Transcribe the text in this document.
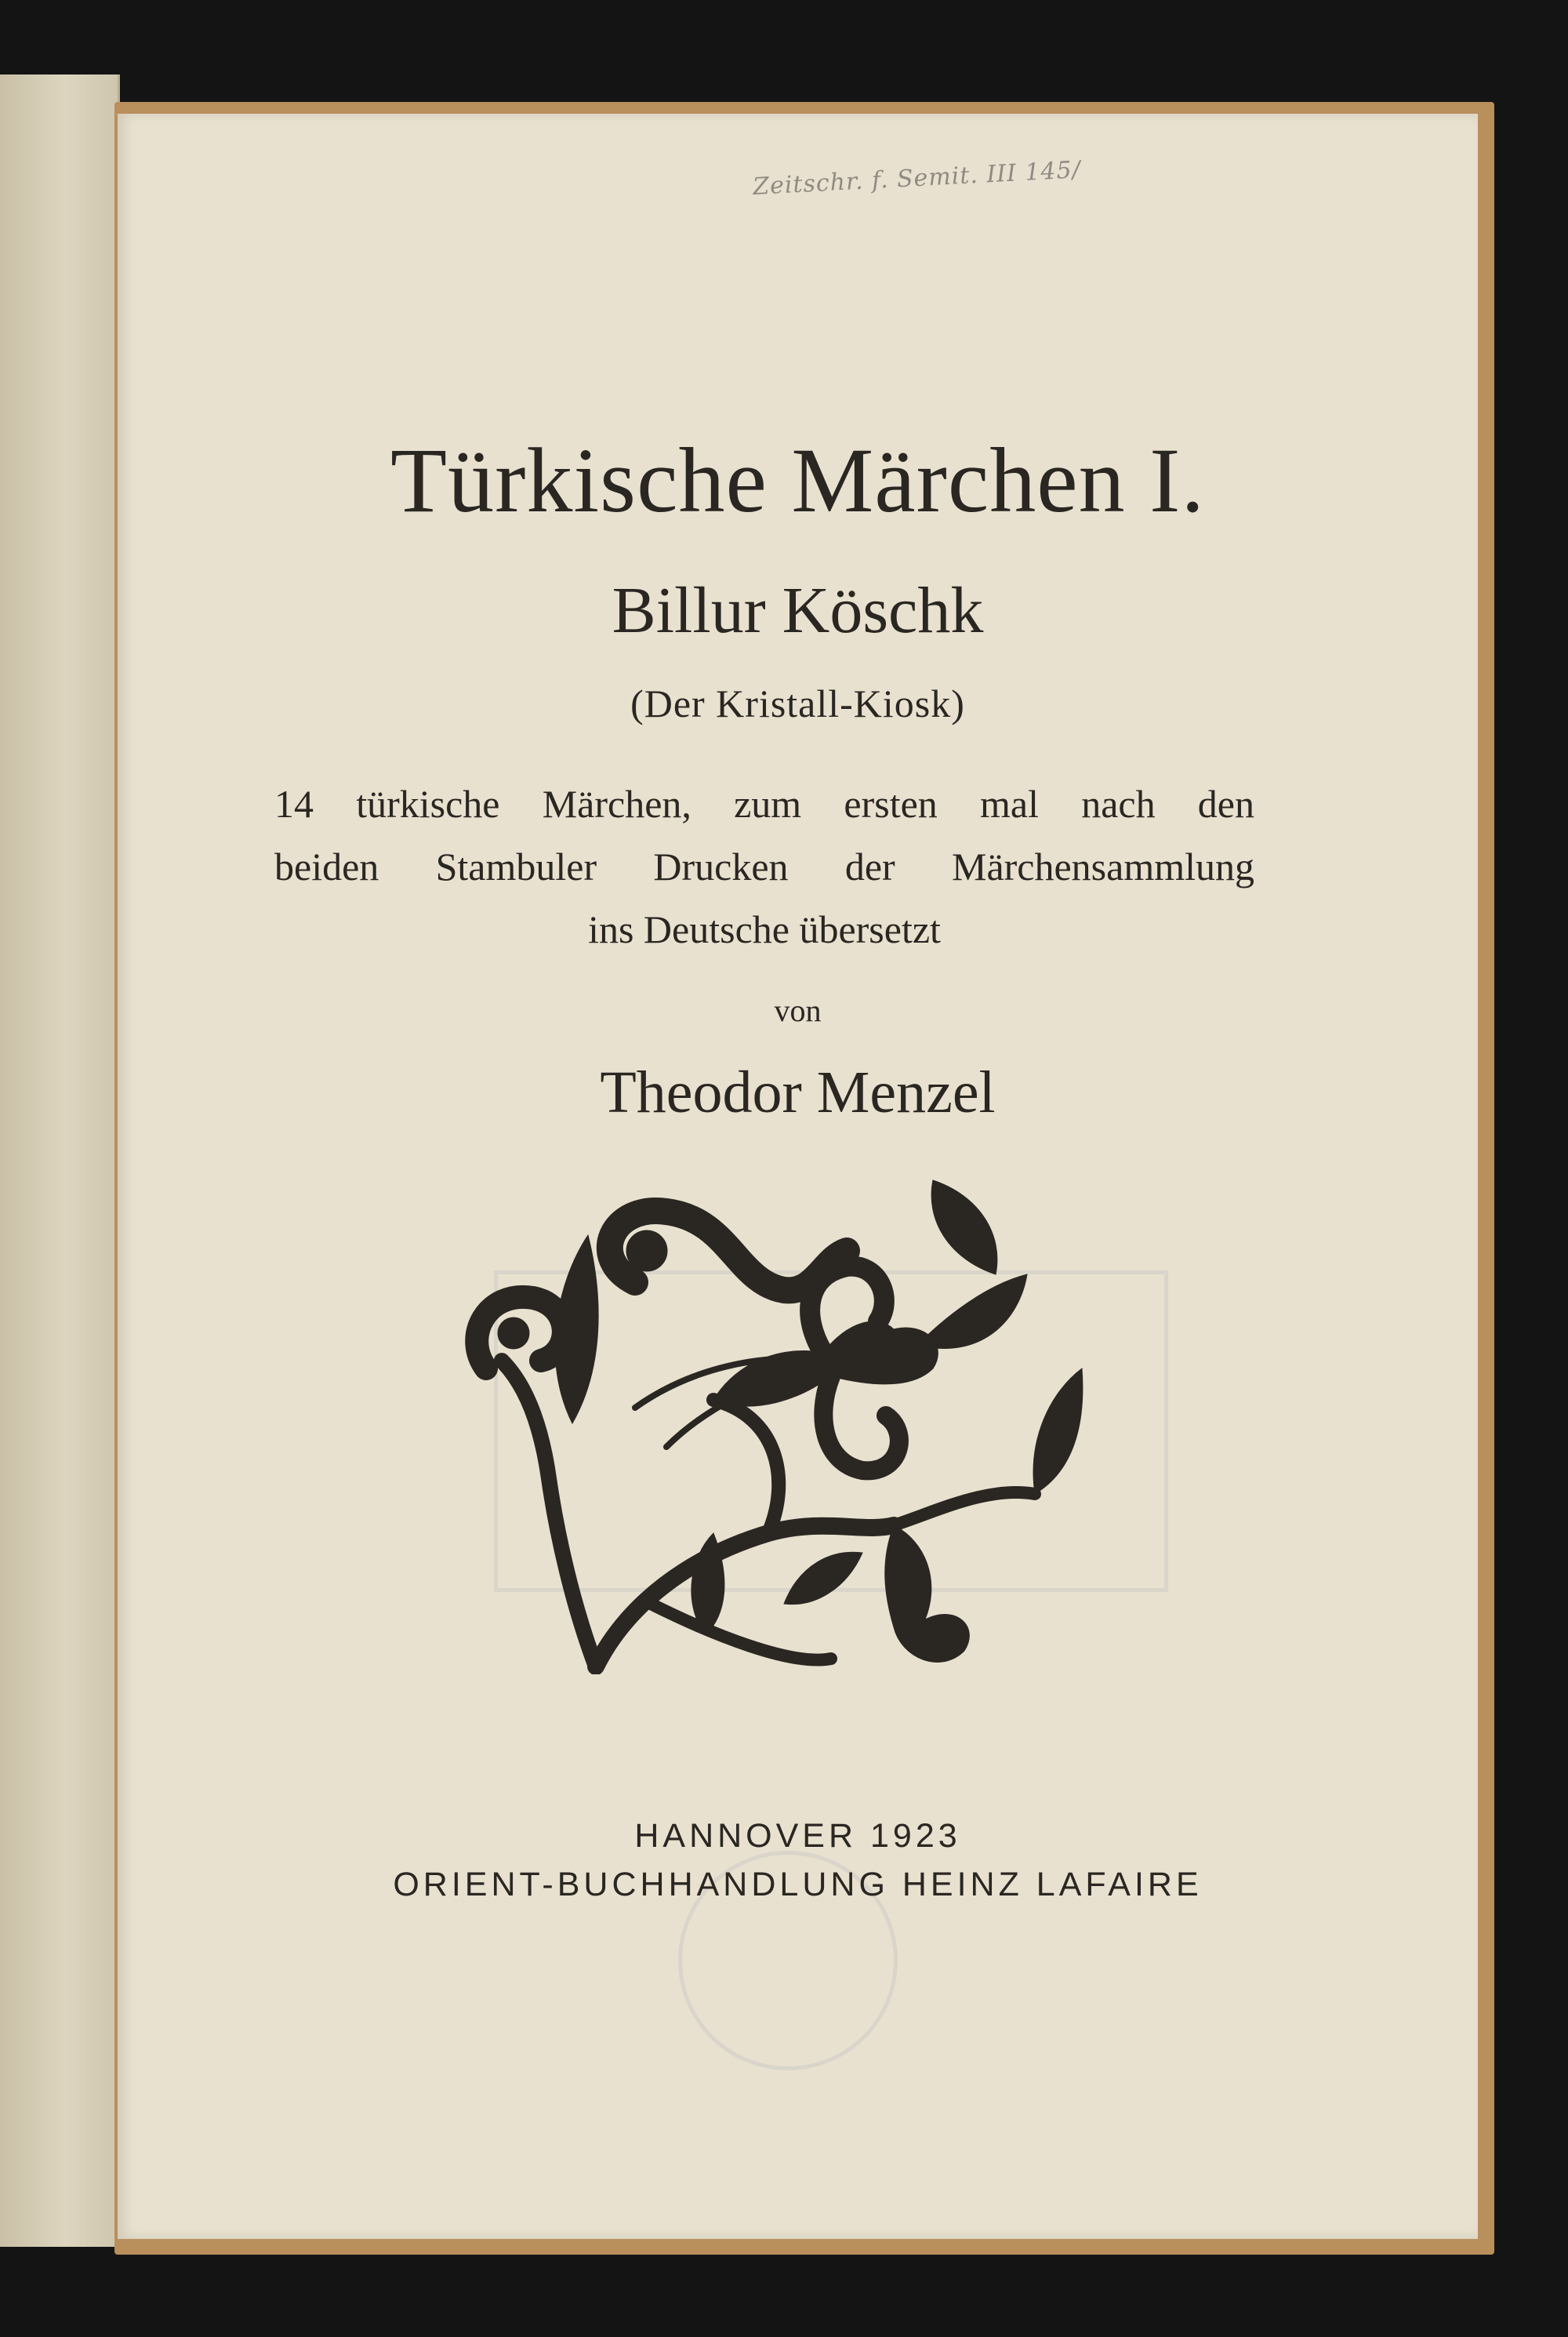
Zeitschr. f. Semit. III 145/
Türkische Märchen I.
Billur Köschk
(Der Kristall-Kiosk)
14 türkische Märchen, zum ersten mal nach den
beiden Stambuler Drucken der Märchensammlung
ins Deutsche übersetzt
von
Theodor Menzel
HANNOVER 1923
ORIENT-BUCHHANDLUNG HEINZ LAFAIRE
